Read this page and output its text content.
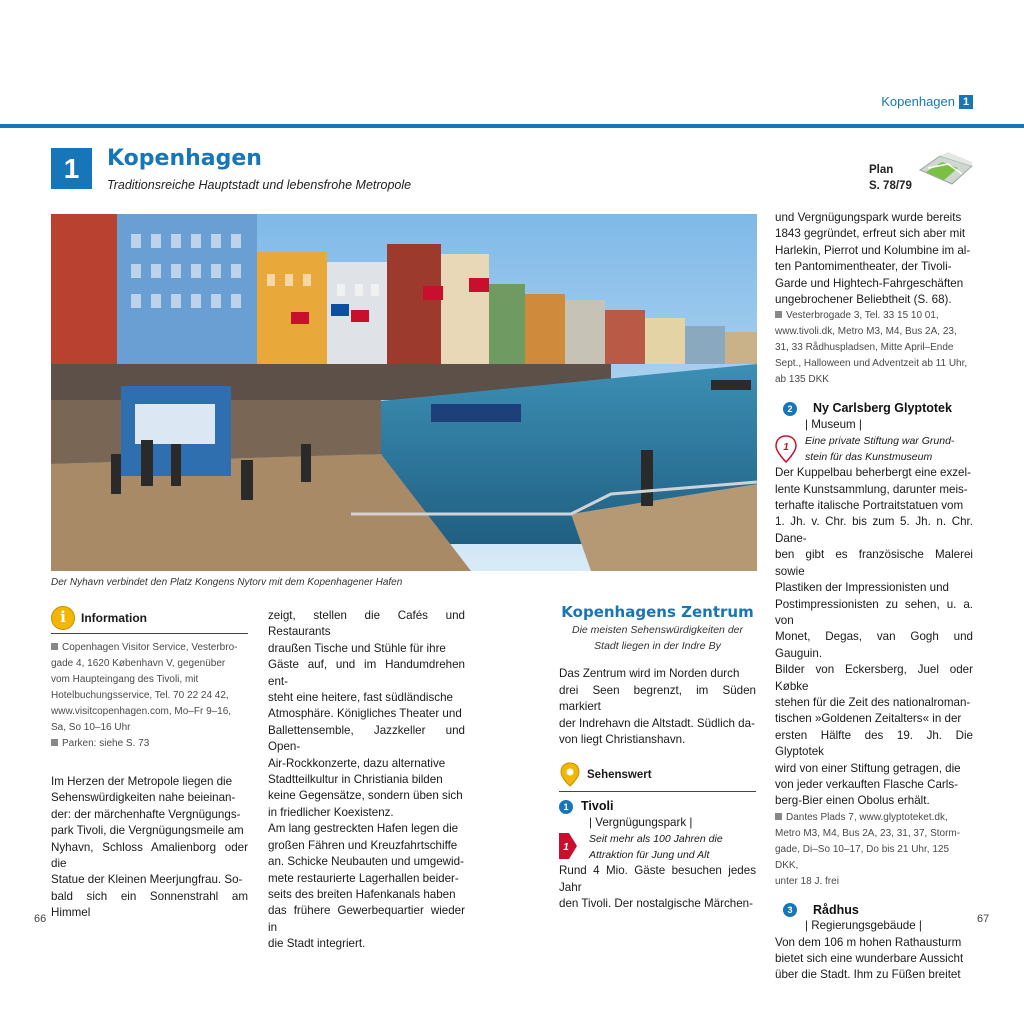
Kopenhagen 1
1	Kopenhagen
Traditionsreiche Hauptstadt und lebensfrohe Metropole
Plan
S. 78/79
Der Nyhavn verbindet den Platz Kongens Nytorv mit dem Kopenhagener Hafen
i	Information
Copenhagen Visitor Service, Vesterbro-
gade 4, 1620 København V, gegenüber
vom Haupteingang des Tivoli, mit
Hotelbuchungsservice, Tel. 70 22 24 42,
www.visitcopenhagen.com, Mo–Fr 9–16,
Sa, So 10–16 Uhr
Parken: siehe S. 73

Im Herzen der Metropole liegen die

Sehenswürdigkeiten nahe beieinan-

der: der märchenhafte Vergnügungs-

park Tivoli, die Vergnügungsmeile am

Nyhavn, Schloss Amalienborg oder die

Statue der Kleinen Meerjungfrau. So-

bald sich ein Sonnenstrahl am Himmel

zeigt, stellen die Cafés und Restaurants

draußen Tische und Stühle für ihre

Gäste auf, und im Handumdrehen ent-

steht eine heitere, fast südländische

Atmosphäre. Königliches Theater und

Ballettensemble, Jazzkeller und Open-

Air-Rockkonzerte, dazu alternative

Stadtteilkultur in Christiania bilden

keine Gegensätze, sondern üben sich

in friedlicher Koexistenz.

Am lang gestreckten Hafen legen die

großen Fähren und Kreuzfahrtschiffe

an. Schicke Neubauten und umgewid-

mete restaurierte Lagerhallen beider-

seits des breiten Hafenkanals haben

das frühere Gewerbequartier wieder in

die Stadt integriert.

Kopenhagens Zentrum
Die meisten Sehenswürdigkeiten der
Stadt liegen in der Indre By

Das Zentrum wird im Norden durch

drei Seen begrenzt, im Süden markiert

der Indrehavn die Altstadt. Südlich da-

von liegt Christianshavn.

Sehenswert
1	Tivoli
| Vergnügungspark |
1
Seit mehr als 100 Jahren die
Attraktion für Jung und Alt

Rund 4 Mio. Gäste besuchen jedes Jahr

den Tivoli. Der nostalgische Märchen-

und Vergnügungspark wurde bereits

1843 gegründet, erfreut sich aber mit

Harlekin, Pierrot und Kolumbine im al-

ten Pantomimentheater, der Tivoli-

Garde und Hightech-Fahrgeschäften

ungebrochener Beliebtheit (S. 68).

Vesterbrogade 3, Tel. 33 15 10 01,
www.tivoli.dk, Metro M3, M4, Bus 2A, 23,
31, 33 Rådhuspladsen, Mitte April–Ende
Sept., Halloween und Adventzeit ab 11 Uhr,
ab 135 DKK
2	Ny Carlsberg Glyptotek
| Museum |
1
Eine private Stiftung war Grund-
stein für das Kunstmuseum

Der Kuppelbau beherbergt eine exzel-

lente Kunstsammlung, darunter meis-

terhafte italische Portraitstatuen vom

1. Jh. v. Chr. bis zum 5. Jh. n. Chr. Dane-

ben gibt es französische Malerei sowie

Plastiken der Impressionisten und

Postimpressionisten zu sehen, u. a. von

Monet, Degas, van Gogh und Gauguin.

Bilder von Eckersberg, Juel oder Købke

stehen für die Zeit des nationalroman-

tischen »Goldenen Zeitalters« in der

ersten Hälfte des 19. Jh. Die Glyptotek

wird von einer Stiftung getragen, die

von jeder verkauften Flasche Carls-

berg-Bier einen Obolus erhält.

Dantes Plads 7, www.glyptoteket.dk,
Metro M3, M4, Bus 2A, 23, 31, 37, Storm-
gade, Di–So 10–17, Do bis 21 Uhr, 125 DKK,
unter 18 J. frei
3	Rådhus
| Regierungsgebäude |

Von dem 106 m hohen Rathausturm

bietet sich eine wunderbare Aussicht

über die Stadt. Ihm zu Füßen breitet

66	67
